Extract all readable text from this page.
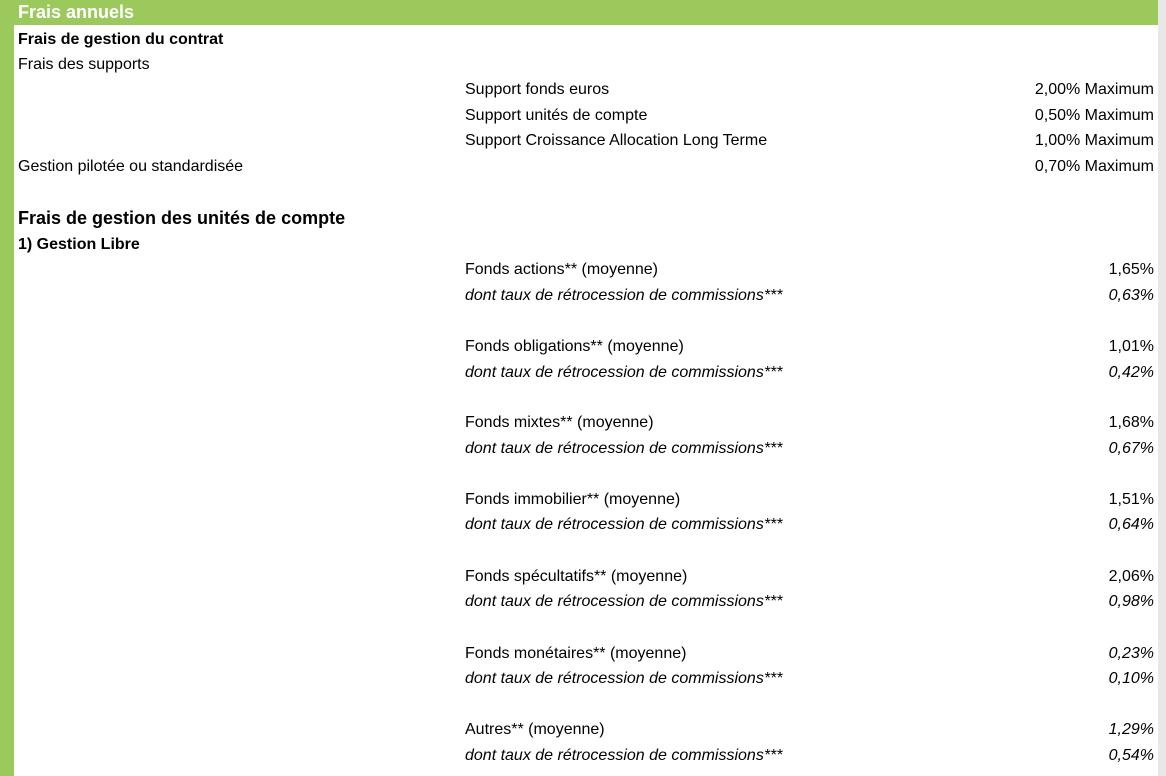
Frais annuels
Frais de gestion du contrat
Frais des supports
Support fonds euros	2,00% Maximum
Support unités de compte	0,50% Maximum
Support Croissance Allocation Long Terme	1,00% Maximum
Gestion pilotée ou standardisée	0,70% Maximum
Frais de gestion des unités de compte
1) Gestion Libre
Fonds actions** (moyenne)	1,65%
dont taux de rétrocession de commissions***	0,63%
Fonds obligations** (moyenne)	1,01%
dont taux de rétrocession de commissions***	0,42%
Fonds mixtes** (moyenne)	1,68%
dont taux de rétrocession de commissions***	0,67%
Fonds immobilier** (moyenne)	1,51%
dont taux de rétrocession de commissions***	0,64%
Fonds spécultatifs** (moyenne)	2,06%
dont taux de rétrocession de commissions***	0,98%
Fonds monétaires** (moyenne)	0,23%
dont taux de rétrocession de commissions***	0,10%
Autres** (moyenne)	1,29%
dont taux de rétrocession de commissions***	0,54%
